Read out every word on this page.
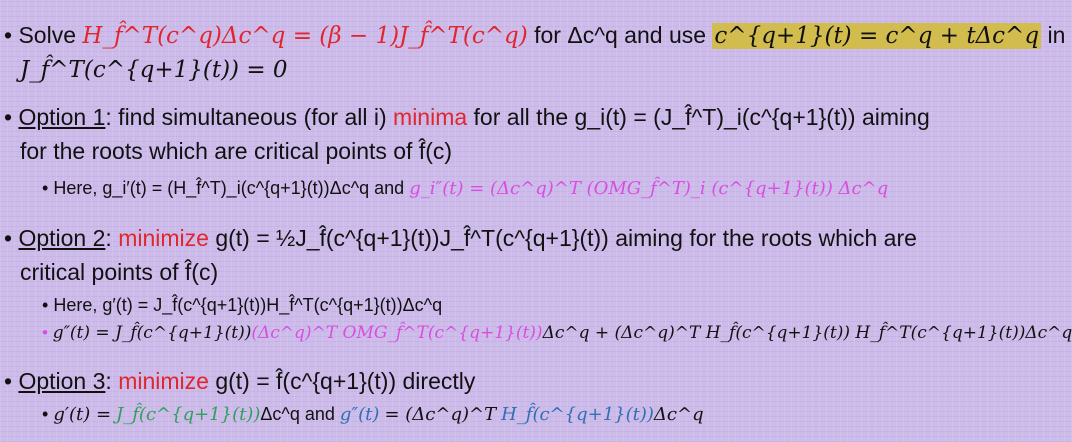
• Solve H_f̂^T(c^q)Δc^q = (β − 1)J_f̂^T(c^q) for Δc^q and use c^{q+1}(t) = c^q + tΔc^q in
J_f̂^T(c^{q+1}(t)) = 0
• Option 1: find simultaneous (for all i) minima for all the g_i(t) = (J_f̂^T)_i(c^{q+1}(t)) aiming
for the roots which are critical points of f̂(c)
• Here, g_i′(t) = (H_f̂^T)_i(c^{q+1}(t))Δc^q and g_i″(t) = (Δc^q)^T (OMG_f̂^T)_i (c^{q+1}(t)) Δc^q
• Option 2: minimize g(t) = ½J_f̂(c^{q+1}(t))J_f̂^T(c^{q+1}(t)) aiming for the roots which are
critical points of f̂(c)
• Here, g′(t) = J_f̂(c^{q+1}(t))H_f̂^T(c^{q+1}(t))Δc^q
• g″(t) = J_f̂(c^{q+1}(t))(Δc^q)^T OMG_f̂^T(c^{q+1}(t))Δc^q + (Δc^q)^T H_f̂(c^{q+1}(t)) H_f̂^T(c^{q+1}(t))Δc^q
• Option 3: minimize g(t) = f̂(c^{q+1}(t)) directly
• g′(t) = J_f̂(c^{q+1}(t))Δc^q and g″(t) = (Δc^q)^T H_f̂(c^{q+1}(t))Δc^q
